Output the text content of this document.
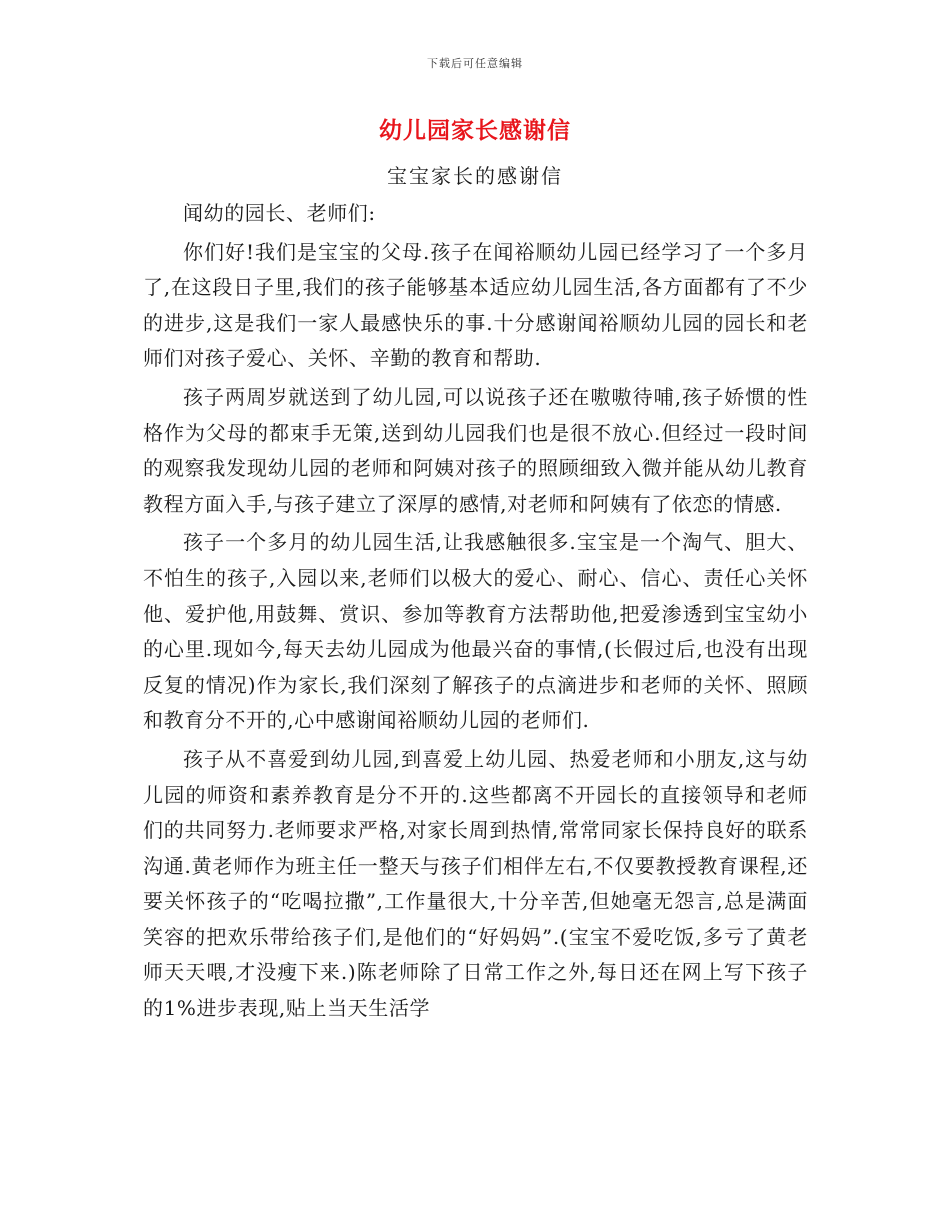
下载后可任意编辑
幼儿园家长感谢信
宝宝家长的感谢信

闻幼的园长、老师们:

你们好!我们是宝宝的父母.孩子在闻裕顺幼儿园已经学习了一个多月了,在这段日子里,我们的孩子能够基本适应幼儿园生活,各方面都有了不少的进步,这是我们一家人最感快乐的事.十分感谢闻裕顺幼儿园的园长和老师们对孩子爱心、关怀、辛勤的教育和帮助.

孩子两周岁就送到了幼儿园,可以说孩子还在嗷嗷待哺,孩子娇惯的性格作为父母的都束手无策,送到幼儿园我们也是很不放心.但经过一段时间的观察我发现幼儿园的老师和阿姨对孩子的照顾细致入微并能从幼儿教育教程方面入手,与孩子建立了深厚的感情,对老师和阿姨有了依恋的情感.

孩子一个多月的幼儿园生活,让我感触很多.宝宝是一个淘气、胆大、不怕生的孩子,入园以来,老师们以极大的爱心、耐心、信心、责任心关怀他、爱护他,用鼓舞、赏识、参加等教育方法帮助他,把爱渗透到宝宝幼小的心里.现如今,每天去幼儿园成为他最兴奋的事情,(长假过后,也没有出现反复的情况)作为家长,我们深刻了解孩子的点滴进步和老师的关怀、照顾和教育分不开的,心中感谢闻裕顺幼儿园的老师们.

孩子从不喜爱到幼儿园,到喜爱上幼儿园、热爱老师和小朋友,这与幼儿园的师资和素养教育是分不开的.这些都离不开园长的直接领导和老师们的共同努力.老师要求严格,对家长周到热情,常常同家长保持良好的联系沟通.黄老师作为班主任一整天与孩子们相伴左右,不仅要教授教育课程,还要关怀孩子的“吃喝拉撒”,工作量很大,十分辛苦,但她毫无怨言,总是满面笑容的把欢乐带给孩子们,是他们的“好妈妈”.(宝宝不爱吃饭,多亏了黄老师天天喂,才没瘦下来.)陈老师除了日常工作之外,每日还在网上写下孩子的1%进步表现,贴上当天生活学
